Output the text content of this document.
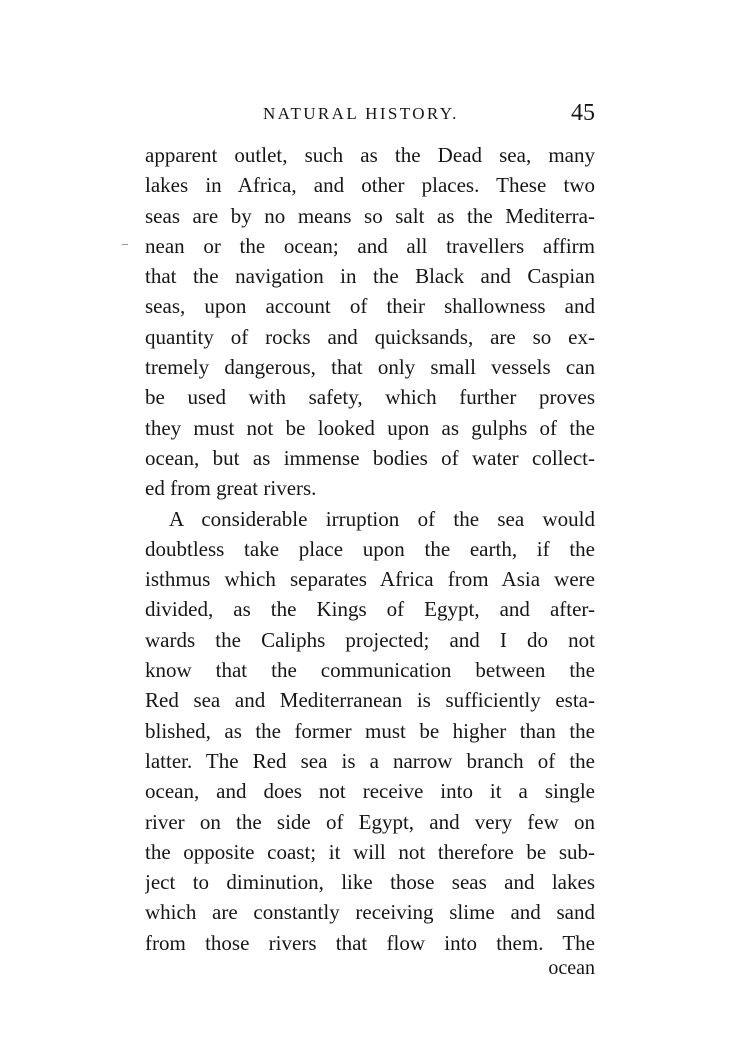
NATURAL HISTORY.	45
apparent outlet, such as the Dead sea, many
lakes in Africa, and other places. These two
seas are by no means so salt as the Mediterra-
nean or the ocean; and all travellers affirm
that the navigation in the Black and Caspian
seas, upon account of their shallowness and
quantity of rocks and quicksands, are so ex-
tremely dangerous, that only small vessels can
be used with safety, which further proves
they must not be looked upon as gulphs of the
ocean, but as immense bodies of water collect-
ed from great rivers.
A considerable irruption of the sea would
doubtless take place upon the earth, if the
isthmus which separates Africa from Asia were
divided, as the Kings of Egypt, and after-
wards the Caliphs projected; and I do not
know that the communication between the
Red sea and Mediterranean is sufficiently esta-
blished, as the former must be higher than the
latter. The Red sea is a narrow branch of the
ocean, and does not receive into it a single
river on the side of Egypt, and very few on
the opposite coast; it will not therefore be sub-
ject to diminution, like those seas and lakes
which are constantly receiving slime and sand
from those rivers that flow into them. The
ocean
